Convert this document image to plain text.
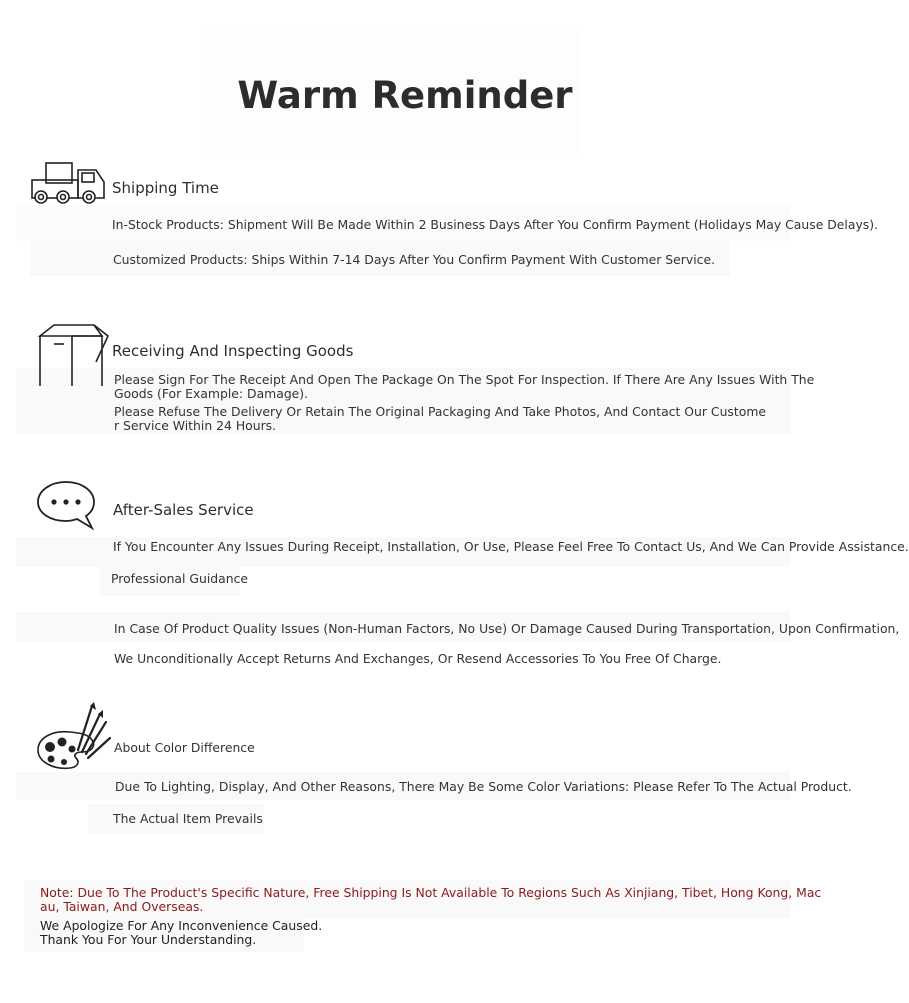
Warm Reminder
Shipping Time
In-Stock Products: Shipment Will Be Made Within 2 Business Days After You Confirm Payment (Holidays May Cause Delays).
Customized Products: Ships Within 7-14 Days After You Confirm Payment With Customer Service.
Receiving And Inspecting Goods
Please Sign For The Receipt And Open The Package On The Spot For Inspection. If There Are Any Issues With The
Goods (For Example: Damage).
Please Refuse The Delivery Or Retain The Original Packaging And Take Photos, And Contact Our Custome
r Service Within 24 Hours.
After-Sales Service
If You Encounter Any Issues During Receipt, Installation, Or Use, Please Feel Free To Contact Us, And We Can Provide Assistance.
Professional Guidance
In Case Of Product Quality Issues (Non-Human Factors, No Use) Or Damage Caused During Transportation, Upon Confirmation,
We Unconditionally Accept Returns And Exchanges, Or Resend Accessories To You Free Of Charge.
About Color Difference
Due To Lighting, Display, And Other Reasons, There May Be Some Color Variations: Please Refer To The Actual Product.
The Actual Item Prevails
Note: Due To The Product's Specific Nature, Free Shipping Is Not Available To Regions Such As Xinjiang, Tibet, Hong Kong, Mac
au, Taiwan, And Overseas.
We Apologize For Any Inconvenience Caused.
Thank You For Your Understanding.
